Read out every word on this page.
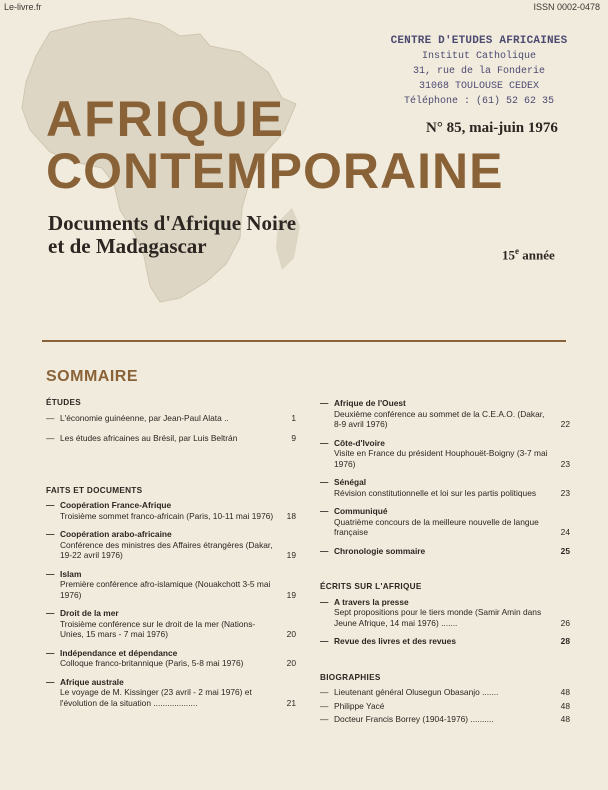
Le-livre.fr	ISSN 0002-0478
CENTRE D'ETUDES AFRICAINES
Institut Catholique
31, rue de la Fonderie
31068 TOULOUSE CEDEX
Téléphone : (61) 52 62 35
AFRIQUE
CONTEMPORAINE
N° 85, mai-juin 1976
Documents d'Afrique Noire
et de Madagascar	15e année
SOMMAIRE
ÉTUDES
— L'économie guinéenne, par Jean-Paul Alata ..	1
— Les études africaines au Brésil, par Luis Beltrán	9
FAITS ET DOCUMENTS
— Coopération France-Afrique
Troisième sommet franco-africain (Paris, 10-11 mai 1976) 18
— Coopération arabo-africaine
Conférence des ministres des Affaires étrangères (Dakar, 19-22 avril 1976)	19
— Islam
Première conférence afro-islamique (Nouakchott 3-5 mai 1976)	19
— Droit de la mer
Troisième conférence sur le droit de la mer (Nations-Unies, 15 mars - 7 mai 1976)	20
— Indépendance et dépendance
Colloque franco-britannique (Paris, 5-8 mai 1976)	20
— Afrique australe
Le voyage de M. Kissinger (23 avril - 2 mai 1976) et l'évolution de la situation ...................	21
— Afrique de l'Ouest
Deuxième conférence au sommet de la C.E.A.O. (Dakar, 8-9 avril 1976)	22
— Côte-d'Ivoire
Visite en France du président Houphouët-Boigny (3-7 mai 1976)	23
— Sénégal
Révision constitutionnelle et loi sur les partis politiques	23
— Communiqué
Quatrième concours de la meilleure nouvelle de langue française	24
— Chronologie sommaire	25
ÉCRITS SUR L'AFRIQUE
— A travers la presse
Sept propositions pour le tiers monde (Samir Amin dans Jeune Afrique, 14 mai 1976) .......	26
— Revue des livres et des revues	28
BIOGRAPHIES
— Lieutenant général Olusegun Obasanjo .......	48
— Philippe Yacé	48
— Docteur Francis Borrey (1904-1976) ..........	48
